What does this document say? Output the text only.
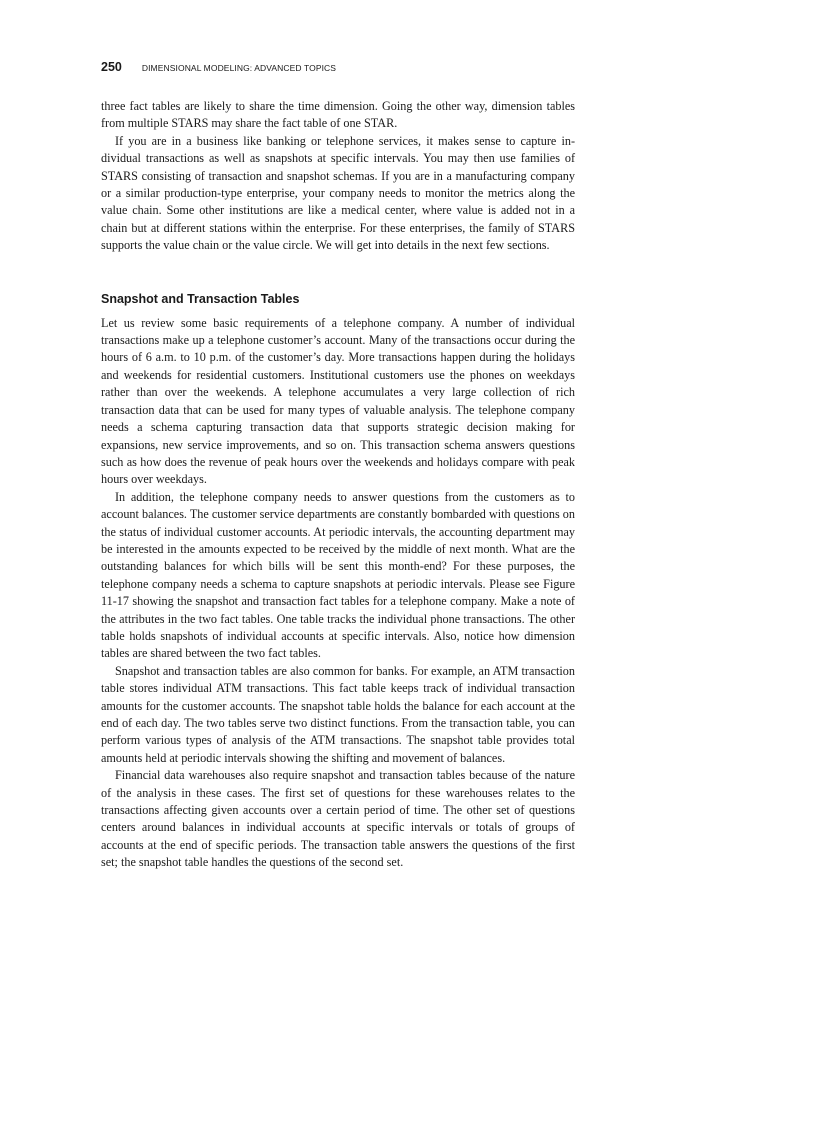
250 DIMENSIONAL MODELING: ADVANCED TOPICS

three fact tables are likely to share the time dimension. Going the other way, dimension tables from multiple STARS may share the fact table of one STAR.

If you are in a business like banking or telephone services, it makes sense to capture individual transactions as well as snapshots at specific intervals. You may then use families of STARS consisting of transaction and snapshot schemas. If you are in a manufacturing company or a similar production-type enterprise, your company needs to monitor the metrics along the value chain. Some other institutions are like a medical center, where value is added not in a chain but at different stations within the enterprise. For these enterprises, the family of STARS supports the value chain or the value circle. We will get into details in the next few sections.

Snapshot and Transaction Tables

Let us review some basic requirements of a telephone company. A number of individual transactions make up a telephone customer’s account. Many of the transactions occur during the hours of 6 a.m. to 10 p.m. of the customer’s day. More transactions happen during the holidays and weekends for residential customers. Institutional customers use the phones on weekdays rather than over the weekends. A telephone accumulates a very large collection of rich transaction data that can be used for many types of valuable analysis. The telephone company needs a schema capturing transaction data that supports strategic decision making for expansions, new service improvements, and so on. This transaction schema answers questions such as how does the revenue of peak hours over the weekends and holidays compare with peak hours over weekdays.

In addition, the telephone company needs to answer questions from the customers as to account balances. The customer service departments are constantly bombarded with questions on the status of individual customer accounts. At periodic intervals, the accounting department may be interested in the amounts expected to be received by the middle of next month. What are the outstanding balances for which bills will be sent this month-end? For these purposes, the telephone company needs a schema to capture snapshots at periodic intervals. Please see Figure 11-17 showing the snapshot and transaction fact tables for a telephone company. Make a note of the attributes in the two fact tables. One table tracks the individual phone transactions. The other table holds snapshots of individual accounts at specific intervals. Also, notice how dimension tables are shared between the two fact tables.

Snapshot and transaction tables are also common for banks. For example, an ATM transaction table stores individual ATM transactions. This fact table keeps track of individual transaction amounts for the customer accounts. The snapshot table holds the balance for each account at the end of each day. The two tables serve two distinct functions. From the transaction table, you can perform various types of analysis of the ATM transactions. The snapshot table provides total amounts held at periodic intervals showing the shifting and movement of balances.

Financial data warehouses also require snapshot and transaction tables because of the nature of the analysis in these cases. The first set of questions for these warehouses relates to the transactions affecting given accounts over a certain period of time. The other set of questions centers around balances in individual accounts at specific intervals or totals of groups of accounts at the end of specific periods. The transaction table answers the questions of the first set; the snapshot table handles the questions of the second set.
